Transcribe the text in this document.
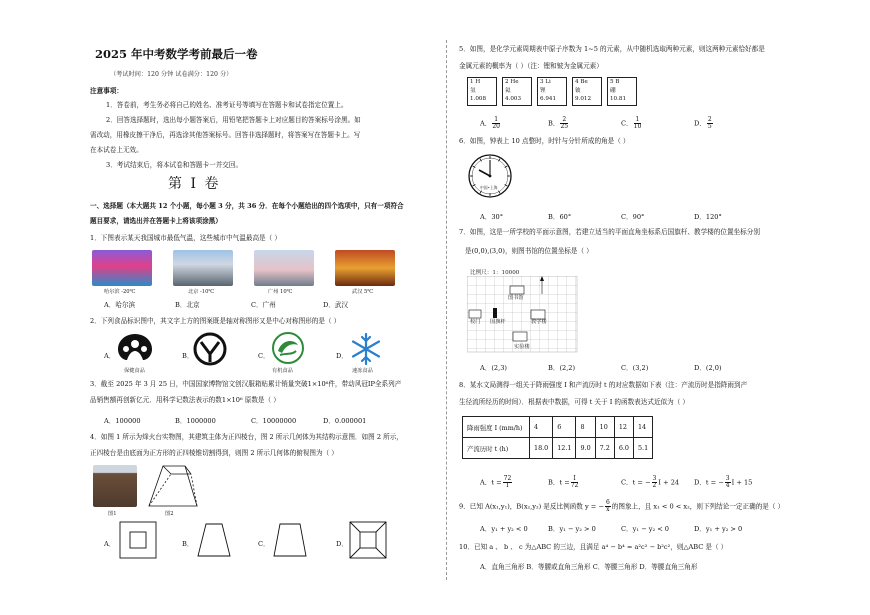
2025 年中考数学考前最后一卷
（考试时间：120 分钟 试卷满分：120 分）
注意事项：
1．答卷前，考生务必将自己的姓名、准考证号等填写在答题卡和试卷指定位置上。
2．回答选择题时，选出每小题答案后，用铅笔把答题卡上对应题目的答案标号涂黑。如
需改动，用橡皮擦干净后，再选涂其他答案标号。回答非选择题时，将答案写在答题卡上。写
在本试卷上无效。
3．考试结束后，将本试卷和答题卡一并交回。
第 I 卷
一、选择题（本大题共 12 个小题，每小题 3 分，共 36 分．在每个小题给出的四个选项中，只有一项符合
题目要求，请选出并在答题卡上将该项涂黑）
1．下图表示某天我国城市最低气温，这些城市中气温最高是（ ）
哈尔滨 -20℃	北京 -10℃	广州 10℃	武汉 5℃
A．哈尔滨	B．北京	C．广州	D．武汉
2．下列食品标识图中，其文字上方的图案既是轴对称图形又是中心对称图形的是（ ）
A．
保健食品
B．	C．
有机食品
D．
速冻食品
3．截至 2025 年 3 月 25 日，中国国家博物馆文创汉服箱贴累计销量突破1×10⁶件，带动风冠IP全系列产
品销售额再创新亿元．用科学记数法表示的数1×10⁶ 原数是（ ）
A．100000	B．1000000	C．10000000	D．0.000001
4．如图 1 所示为烽火台实物图，其建筑主体为正四棱台，图 2 所示几何体为其结构示意图．如图 2 所示，
正四棱台是由底面为正方形的正四棱锥切割得到，则图 2 所示几何体的俯视图为（ ）
图1	图2
A．	B．	C．	D．
5．如图，是化学元素周期表中原子序数为 1~5 的元素，从中随机选取两种元素，则这两种元素恰好都是
金属元素的概率为（ ）（注：锂和铍为金属元素）
1 H
氢
1.008
2 He
氦
4.003
3 Li
锂
6.941
4 Be
铍
9.012
5 B
硼
10.81
A． $\frac{1}{20}$	B． $\frac{2}{25}$	C． $\frac{1}{10}$	D． $\frac{2}{5}$
6．如图，钟表上 10 点整时，时针与分针所成的角是（ ）
中国•上海
A．30°	B．60°	C．90°	D．120°
7．如图，这是一所学校的平面示意图，若建立适当的平面直角坐标系后国旗杆、教学楼的位置坐标分别
是(0,0),(3,0)，则图书馆的位置坐标是（ ）
比例尺：1：10000
图书馆
校门 国旗杆	教学楼
实验楼
A．(2,3)	B．(2,2)	C．(3,2)	D．(2,0)
8．某水文局测得一组关于降雨强度 I 和产流历时 t 的对应数据如下表（注：产流历时是指降雨到产
生径流所经历的时间）．根据表中数据，可得 t 关于 I 的函数表达式近似为（ ）
降雨强度 I (mm/h)	4	6	8	10	12	14
产流历时 t (h)	18.0	12.1	9.0	7.2	6.0	5.1
A．$t = \frac{72}{I}$	B．$t = \frac{I}{72}$	C．t = − $\frac{3}{2}$ I + 24 D．t = − $\frac{3}{4}$ I + 15
9．已知 A(x₁,y₁)，B(x₂,y₂) 是反比例函数 y = − $\frac{6}{x}$ 的图象上，且 x₁ < 0 < x₂，则下列结论一定正确的是（ ）
A．y₁ + y₂ < 0	B．y₁ − y₂ > 0	C．y₁ − y₂ < 0	D．y₁ + y₂ > 0
10．已知 a 、 b 、 c 为△ABC 的三边，且满足 a⁴ − b⁴ = a²c² − b²c²，则△ABC 是（ ）
A．直角三角形 B．等腰或直角三角形 C．等腰三角形 D．等腰直角三角形
